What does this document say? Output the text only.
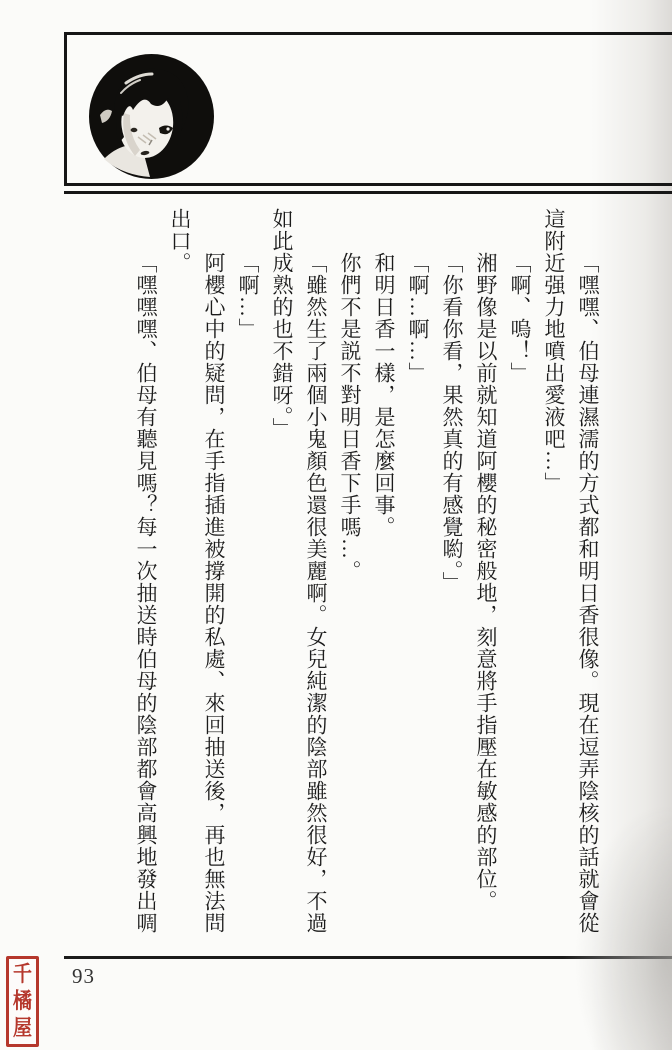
「嘿嘿、伯母連濕濡的方式都和明日香很像。現在逗弄陰核的話就會從

這附近强力地噴出愛液吧…」

「啊、嗚！」

湘野像是以前就知道阿櫻的秘密般地，刻意將手指壓在敏感的部位。

「你看你看，果然真的有感覺喲。」

「啊…啊…」

和明日香一樣，是怎麼回事。

你們不是説不對明日香下手嗎…。

「雖然生了兩個小鬼顏色還很美麗啊。女兒純潔的陰部雖然很好，不過

如此成熟的也不錯呀。」

「啊…」

阿櫻心中的疑問，在手指插進被撐開的私處、來回抽送後，再也無法問

出口。

「嘿嘿嘿、伯母有聽見嗎？每一次抽送時伯母的陰部都會高興地發出啁

93
千
橘
屋
